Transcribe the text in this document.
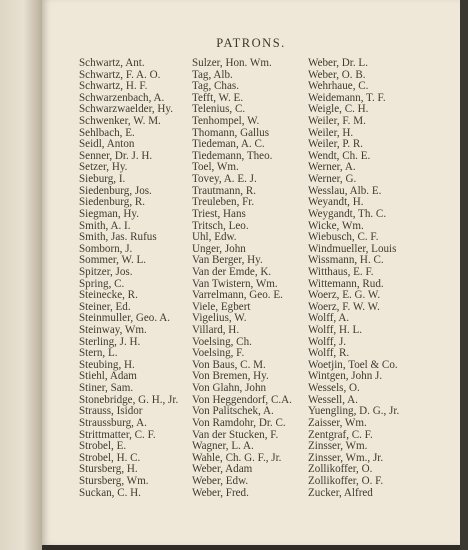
PATRONS.
Schwartz, Ant.
Schwartz, F. A. O.
Schwartz, H. F.
Schwarzenbach, A.
Schwarzwaelder, Hy.
Schwenker, W. M.
Sehlbach, E.
Seidl, Anton
Senner, Dr. J. H.
Setzer, Hy.
Sieburg, I.
Siedenburg, Jos.
Siedenburg, R.
Siegman, Hy.
Smith, A. I.
Smith, Jas. Rufus
Somborn, J.
Sommer, W. L.
Spitzer, Jos.
Spring, C.
Steinecke, R.
Steiner, Ed.
Steinmuller, Geo. A.
Steinway, Wm.
Sterling, J. H.
Stern, L.
Steubing, H.
Stiehl, Adam
Stiner, Sam.
Stonebridge, G. H., Jr.
Strauss, Isidor
Straussburg, A.
Strittmatter, C. F.
Strobel, E.
Strobel, H. C.
Stursberg, H.
Stursberg, Wm.
Suckan, C. H.
Sulzer, Hon. Wm.
Tag, Alb.
Tag, Chas.
Tefft, W. E.
Telenius, C.
Tenhompel, W.
Thomann, Gallus
Tiedeman, A. C.
Tiedemann, Theo.
Toel, Wm.
Tovey, A. E. J.
Trautmann, R.
Treuleben, Fr.
Triest, Hans
Tritsch, Leo.
Uhl, Edw.
Unger, John
Van Berger, Hy.
Van der Emde, K.
Van Twistern, Wm.
Varrelmann, Geo. E.
Viele, Egbert
Vigelius, W.
Villard, H.
Voelsing, Ch.
Voelsing, F.
Von Baus, C. M.
Von Bremen, Hy.
Von Glahn, John
Von Heggendorf, C.A.
Von Palitschek, A.
Von Ramdohr, Dr. C.
Van der Stucken, F.
Wagner, L. A.
Wahle, Ch. G. F., Jr.
Weber, Adam
Weber, Edw.
Weber, Fred.
Weber, Dr. L.
Weber, O. B.
Wehrhaue, C.
Weidemann, T. F.
Weigle, C. H.
Weiler, F. M.
Weiler, H.
Weiler, P. R.
Wendt, Ch. E.
Werner, A.
Werner, G.
Wesslau, Alb. E.
Weyandt, H.
Weygandt, Th. C.
Wicke, Wm.
Wiebusch, C. F.
Windmueller, Louis
Wissmann, H. C.
Witthaus, E. F.
Wittemann, Rud.
Woerz, E. G. W.
Woerz, F. W. W.
Wolff, A.
Wolff, H. L.
Wolff, J.
Wolff, R.
Woetjin, Toel & Co.
Wintgen, John J.
Wessels, O.
Wessell, A.
Yuengling, D. G., Jr.
Zaisser, Wm.
Zentgraf, C. F.
Zinsser, Wm.
Zinsser, Wm., Jr.
Zollikoffer, O.
Zollikoffer, O. F.
Zucker, Alfred
